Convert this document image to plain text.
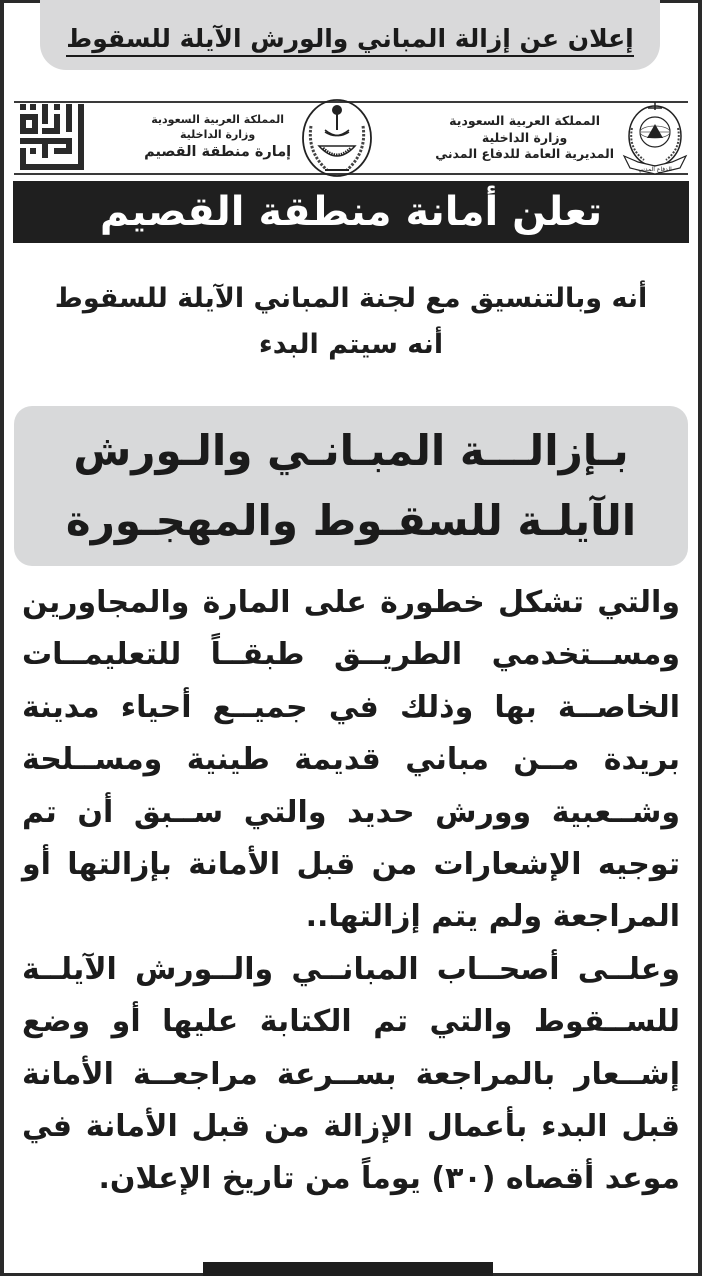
إعلان عن إزالة المباني والورش الآيلة للسقوط
الدفاع المدني
المملكة العربية السعودية
وزارة الداخلية
المديرية العامة للدفاع المدني
المملكة العربية السعودية
وزارة الداخلية
إمارة منطقة القصيم
تعلن أمانة منطقة القصيم
أنه وبالتنسيق مع لجنة المباني الآيلة للسقوط
أنه سيتم البدء
بـإزالـــة المبـانـي والـورش
الآيلـة للسقـوط والمهجـورة
والتي تشكل خطورة على المارة والمجاورين
ومســتخدمي الطريــق طبقــاً للتعليمــات
الخاصــة بها وذلك في جميــع أحياء مدينة
بريدة مــن مباني قديمة طينية ومســلحة
وشــعبية وورش حديد والتي ســبق أن تم
توجيه الإشعارات من قبل الأمانة بإزالتها أو
المراجعة ولم يتم إزالتها..
وعلــى أصحــاب المبانــي والــورش الآيلــة
للســقوط والتي تم الكتابة عليها أو وضع
إشــعار بالمراجعة بســرعة مراجعــة الأمانة
قبل البدء بأعمال الإزالة من قبل الأمانة في
موعد أقصاه (٣٠) يوماً من تاريخ الإعلان.
